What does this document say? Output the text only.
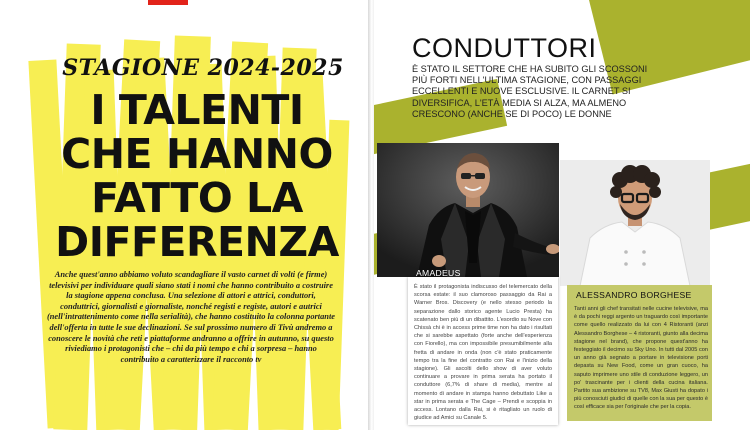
STAGIONE 2024-2025
I TALENTI
CHE HANNO
FATTO LA
DIFFERENZA

Anche quest'anno abbiamo voluto scandagliare il vasto carnet di volti (e firme) televisivi per individuare quali siano stati i nomi che hanno contribuito a costruire la stagione appena conclusa. Una selezione di attori e attrici, conduttori, conduttrici, giornalisti e giornaliste, nonché registi e registe, autori e autrici (nell'intrattenimento come nella serialità), che hanno costituito la colonna portante dell'offerta in tutte le sue declinazioni. Se sul prossimo numero di Tivù andremo a conoscere le novità che reti e piattaforme andranno a offrire in autunno, su questo riviediamo i protagonisti che – chi da più tempo e chi a sorpresa – hanno contribuito a caratterizzare il racconto tv

CONDUTTORI

È STATO IL SETTORE CHE HA SUBITO GLI SCOSSONI PIÙ FORTI NELL'ULTIMA STAGIONE, CON PASSAGGI ECCELLENTI E NUOVE ESCLUSIVE. IL CARNET SI DIVERSIFICA, L'ETÀ MEDIA SI ALZA, MA ALMENO CRESCONO (ANCHE SE DI POCO) LE DONNE

AMADEUS
ALESSANDRO BORGHESE

È stato il protagonista indiscusso del telemercato della scorsa estate: il suo clamoroso passaggio da Rai a Warner Bros. Discovery (e nello stesso periodo la separazione dallo storico agente Lucio Presta) ha scatenato ben più di un dibattito. L'esordio su Nove con Chissà chi è in access prime time non ha dato i risultati che si sarebbe aspettato (forte anche dell'esperienza con Fiorello), ma con impossibile presumibilmente alla fretta di andare in onda (non c'è stato praticamente tempo tra la fine del contratto con Rai e l'inizio della stagione). Gli ascolti dello show di aver voluto continuare a provare in prima serata ha portato il conduttore (6,7% di share di media), mentre al momento di andare in stampa hanno debuttato Like a star in prima serata e The Cage – Prendi e scoppia in access. Lontano dalla Rai, si è ritagliato un ruolo di giudice ad Amici su Canale 5.

Tanti anni gli chef transitati nelle cucine televisive, ma è da pochi reggi argento un traguardo così importante come quello realizzato da lui con 4 Ristoranti (anzi Alessandro Borghese – 4 ristoranti, giunto alla decima stagione nel brand), che propone quest'anno ha festeggiato il decimo su Sky Uno. In tutti dal 2005 con un anno già segnato a portare in televisione porti depasta su New Food, come un gran cuoco, ha saputo imprimere uno stile di conduzione leggero, un po' trascinante per i clienti della cucina italiana. Partito sua ambizione su TV8, Max Giusti ha dopato i più conosciuti giudici di quelle con la sua per questo è così efficace sia per l'originale che per la copia.
